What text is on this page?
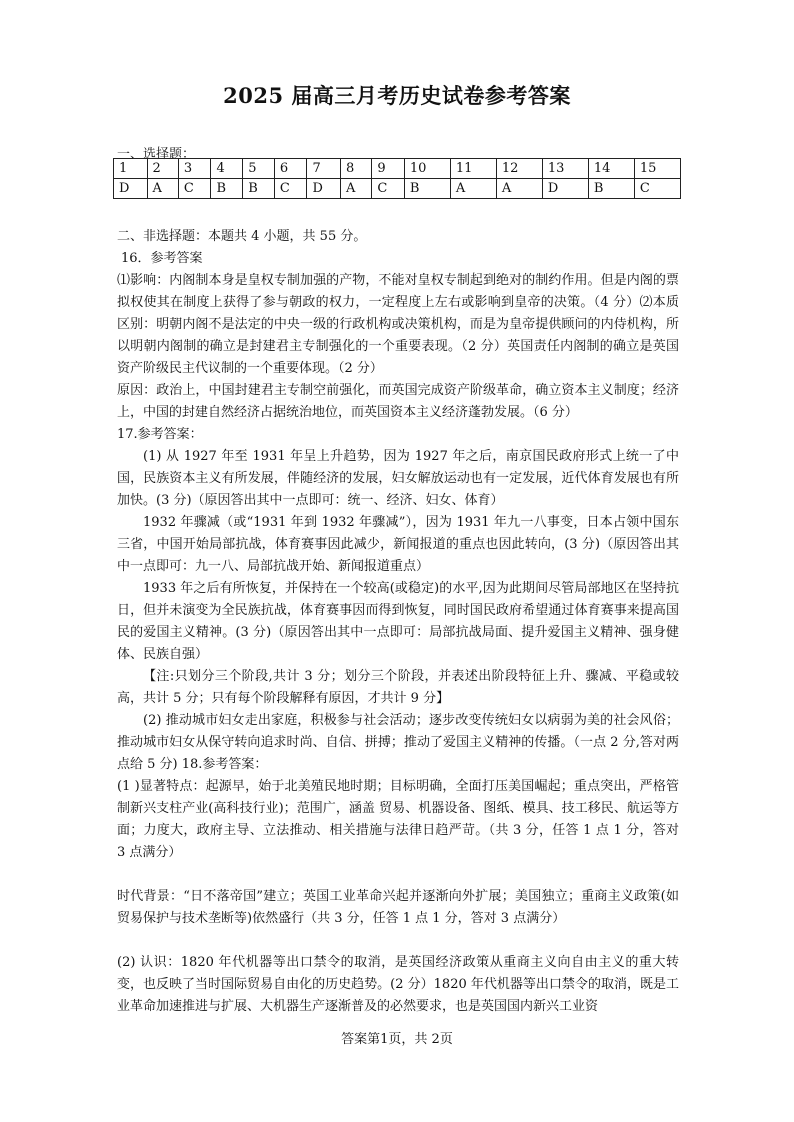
2025 届高三月考历史试卷参考答案
一、选择题：
1	2	3	4	5	6	7	8	9	10	11	12	13	14	15
D	A	C	B	B	C	D	A	C	B	A	A	D	B	C

二、非选择题：本题共 4 小题，共 55 分。

16．参考答案

⑴影响：内阁制本身是皇权专制加强的产物，不能对皇权专制起到绝对的制约作用。但是内阁的票拟权使其在制度上获得了参与朝政的权力，一定程度上左右或影响到皇帝的决策。（4 分）⑵本质区别：明朝内阁不是法定的中央一级的行政机构或决策机构，而是为皇帝提供顾问的内侍机构，所以明朝内阁制的确立是封建君主专制强化的一个重要表现。（2 分）英国责任内阁制的确立是英国资产阶级民主代议制的一个重要体现。（2 分）

原因：政治上，中国封建君主专制空前强化，而英国完成资产阶级革命，确立资本主义制度；经济上，中国的封建自然经济占据统治地位，而英国资本主义经济蓬勃发展。（6 分）

17.参考答案：

(1) 从 1927 年至 1931 年呈上升趋势，因为 1927 年之后，南京国民政府形式上统一了中国，民族资本主义有所发展，伴随经济的发展，妇女解放运动也有一定发展，近代体育发展也有所加快。(3 分)（原因答出其中一点即可：统一、经济、妇女、体育）

1932 年骤减（或“1931 年到 1932 年骤减”），因为 1931 年九一八事变，日本占领中国东三省，中国开始局部抗战，体育赛事因此减少，新闻报道的重点也因此转向，(3 分)（原因答出其中一点即可：九一八、局部抗战开始、新闻报道重点）

1933 年之后有所恢复，并保持在一个较高(或稳定)的水平,因为此期间尽管局部地区在坚持抗日，但并未演变为全民族抗战，体育赛事因而得到恢复，同时国民政府希望通过体育赛事来提高国民的爱国主义精神。(3 分)（原因答出其中一点即可：局部抗战局面、提升爱国主义精神、强身健体、民族自强）

【注:只划分三个阶段,共计 3 分；划分三个阶段，并表述出阶段特征上升、骤减、平稳或较高，共计 5 分；只有每个阶段解释有原因，才共计 9 分】

(2) 推动城市妇女走出家庭，积极参与社会活动；逐步改变传统妇女以病弱为美的社会风俗；推动城市妇女从保守转向追求时尚、自信、拼搏；推动了爱国主义精神的传播。（一点 2 分,答对两点给 5 分) 18.参考答案：

(1 )显著特点：起源早，始于北美殖民地时期；目标明确，全面打压美国崛起；重点突出，严格管制新兴支柱产业(高科技行业)；范围广，涵盖 贸易、机器设备、图纸、模具、技工移民、航运等方面；力度大，政府主导、立法推动、相关措施与法律日趋严苛。（共 3 分，任答 1 点 1 分，答对 3 点满分）

时代背景：“日不落帝国”建立；英国工业革命兴起并逐渐向外扩展；美国独立；重商主义政策(如贸易保护与技术垄断等)依然盛行（共 3 分，任答 1 点 1 分，答对 3 点满分）

(2) 认识：1820 年代机器等出口禁令的取消，是英国经济政策从重商主义向自由主义的重大转变，也反映了当时国际贸易自由化的历史趋势。(2 分）1820 年代机器等出口禁令的取消，既是工业革命加速推进与扩展、大机器生产逐渐普及的必然要求，也是英国国内新兴工业资

答案第1页，共 2页
